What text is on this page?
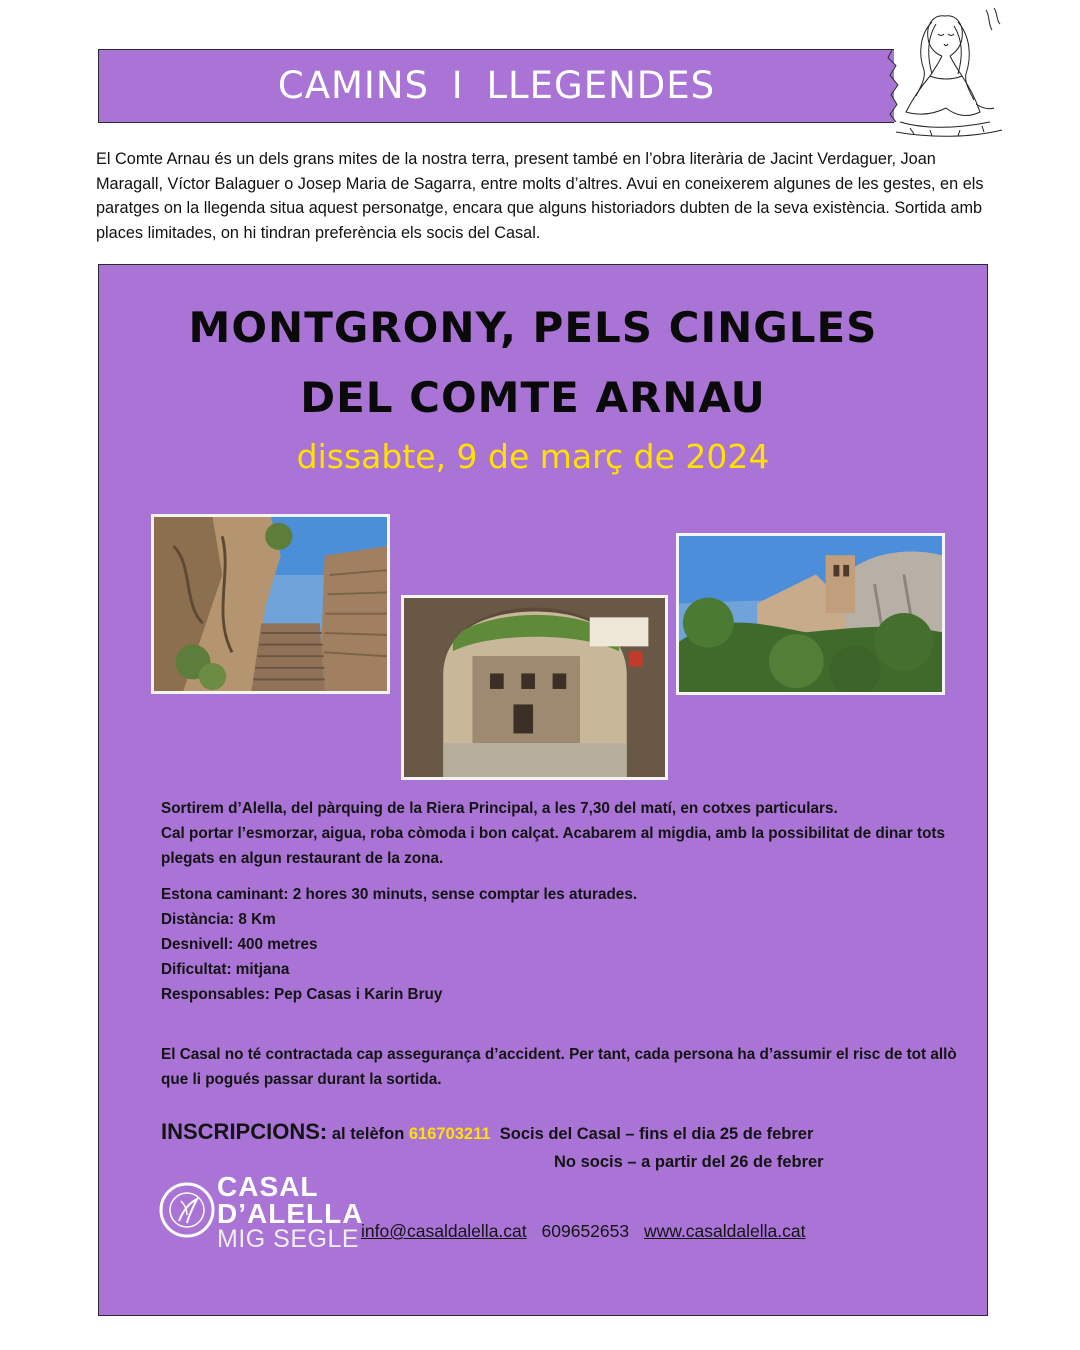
CAMINS I LLEGENDES
El Comte Arnau és un dels grans mites de la nostra terra, present també en l’obra literària de Jacint Verdaguer, Joan Maragall, Víctor Balaguer o Josep Maria de Sagarra, entre molts d’altres. Avui en coneixerem algunes de les gestes, en els paratges on la llegenda situa aquest personatge, encara que alguns historiadors dubten de la seva existència. Sortida amb places limitades, on hi tindran preferència els socis del Casal.
MONTGRONY, PELS CINGLES
DEL COMTE ARNAU
dissabte, 9 de març de 2024
Sortirem d’Alella, del pàrquing de la Riera Principal, a les 7,30 del matí, en cotxes particulars.
Cal portar l’esmorzar, aigua, roba còmoda i bon calçat. Acabarem al migdia, amb la possibilitat de dinar tots plegats en algun restaurant de la zona.
Estona caminant: 2 hores 30 minuts, sense comptar les aturades.
Distància: 8 Km
Desnivell: 400 metres
Dificultat: mitjana
Responsables: Pep Casas i Karin Bruy
El Casal no té contractada cap assegurança d’accident. Per tant, cada persona ha d’assumir el risc de tot allò que li pogués passar durant la sortida.
INSCRIPCIONS: al telèfon 616703211 Socis del Casal – fins el dia 25 de febrer
No socis – a partir del 26 de febrer
CASAL
D’ALELLA
MIG SEGLE info@casaldalella.cat 609652653 www.casaldalella.cat
